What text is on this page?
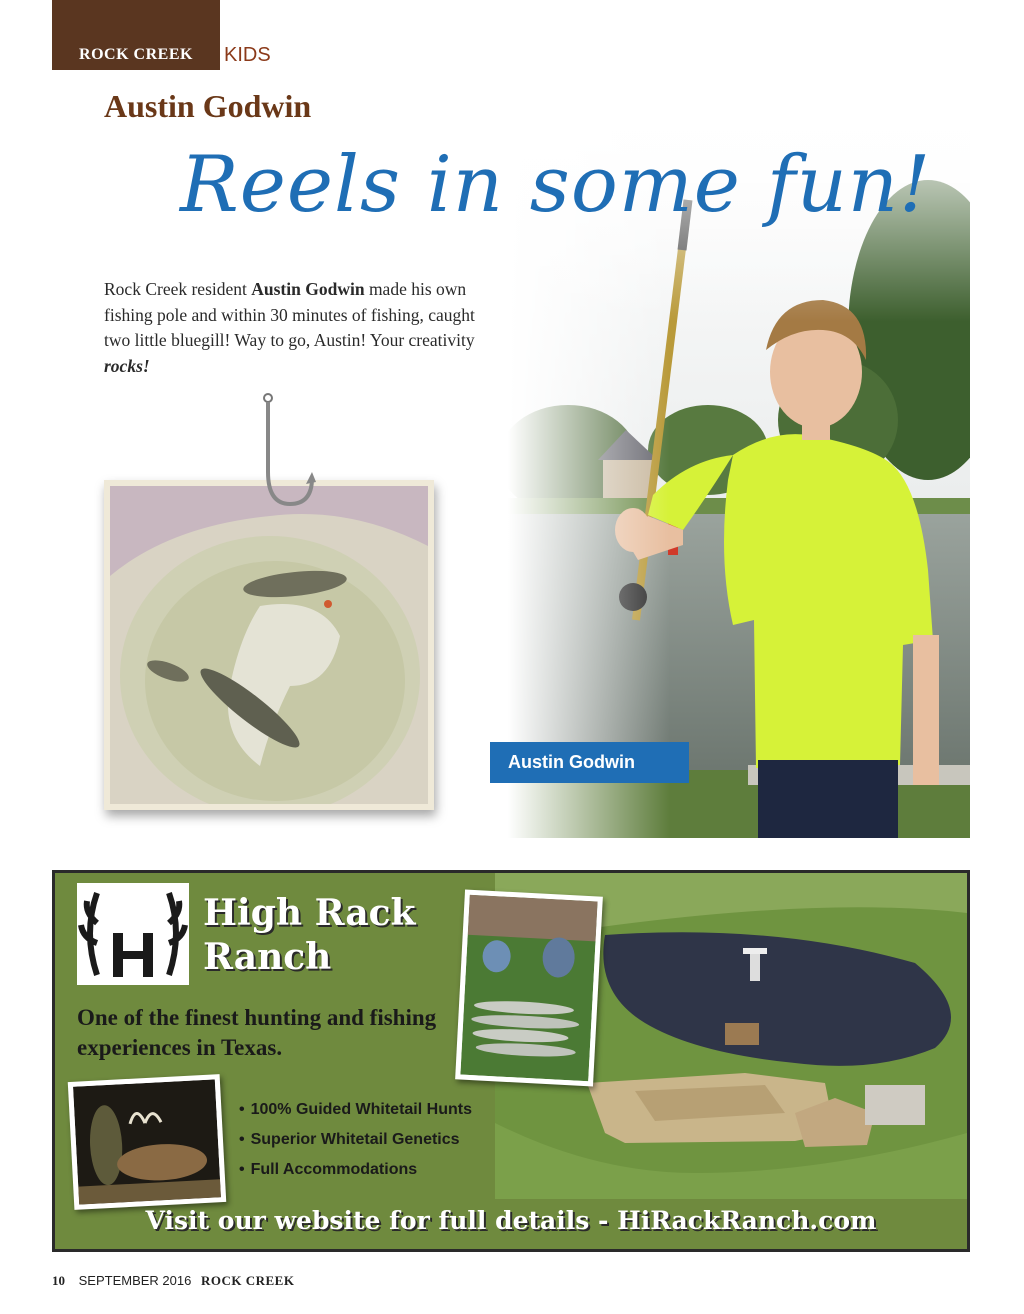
ROCK CREEK	KIDS
Austin Godwin
Reels in some fun!

Rock Creek resident Austin Godwin made his own fishing pole and within 30 minutes of fishing, caught two little bluegill! Way to go, Austin! Your creativity rocks!

Austin Godwin
High Rack
Ranch

One of the finest hunting and fishing experiences in Texas.

• 100% Guided Whitetail Hunts
• Superior Whitetail Genetics
• Full Accommodations
Visit our website for full details - HiRackRanch.com
10 SEPTEMBER 2016 ROCK CREEK
